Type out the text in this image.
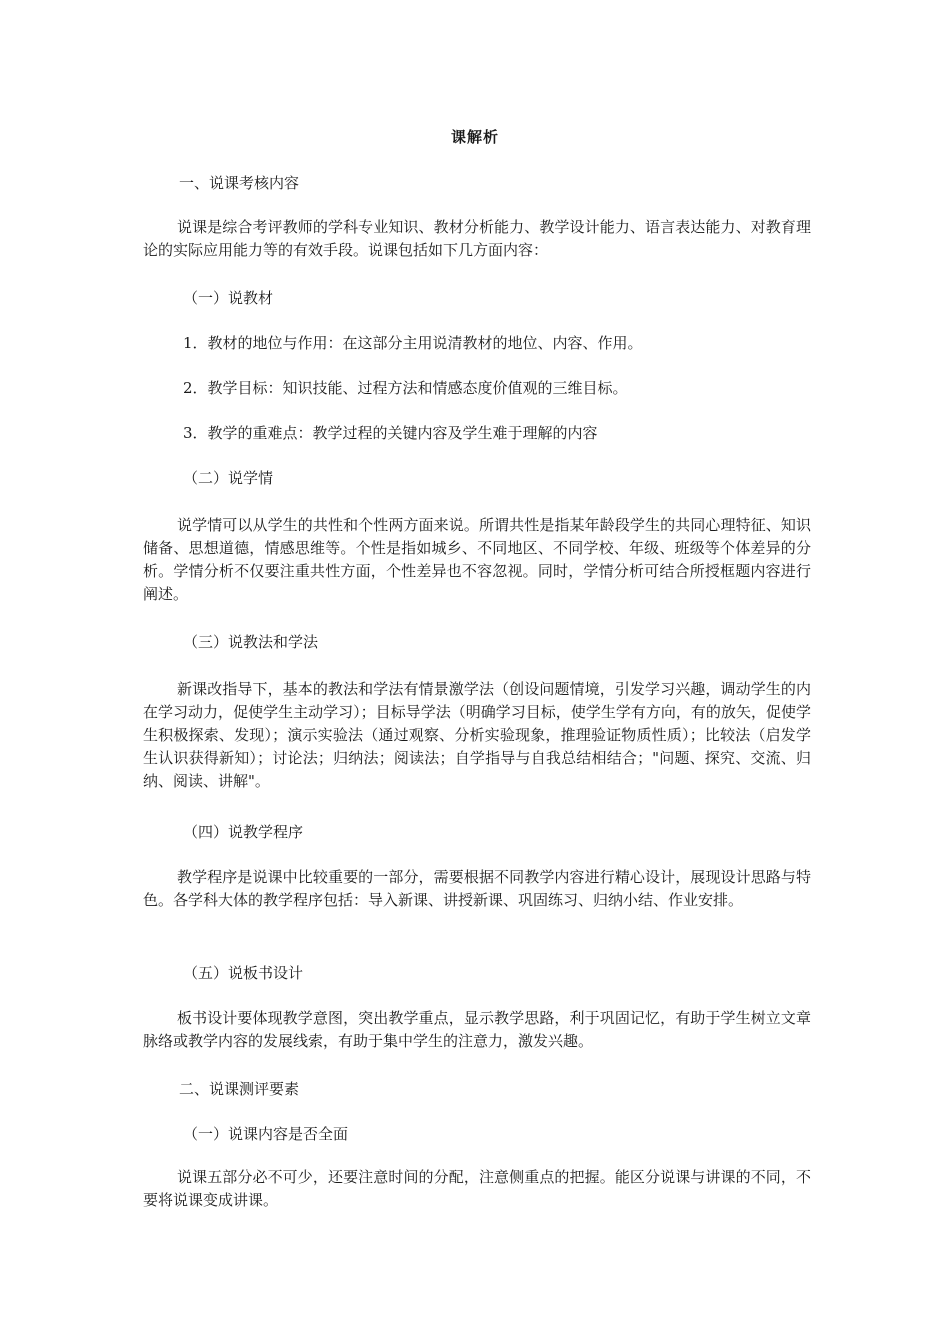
课解析
一、说课考核内容
说课是综合考评教师的学科专业知识、教材分析能力、教学设计能力、语言表达能力、对教育理论的实际应用能力等的有效手段。说课包括如下几方面内容：
（一）说教材
1．教材的地位与作用：在这部分主用说清教材的地位、内容、作用。
2．教学目标：知识技能、过程方法和情感态度价值观的三维目标。
3．教学的重难点：教学过程的关键内容及学生难于理解的内容
（二）说学情
说学情可以从学生的共性和个性两方面来说。所谓共性是指某年龄段学生的共同心理特征、知识储备、思想道德，情感思维等。个性是指如城乡、不同地区、不同学校、年级、班级等个体差异的分析。学情分析不仅要注重共性方面，个性差异也不容忽视。同时，学情分析可结合所授框题内容进行阐述。
（三）说教法和学法
新课改指导下，基本的教法和学法有情景激学法（创设问题情境，引发学习兴趣，调动学生的内在学习动力，促使学生主动学习）；目标导学法（明确学习目标，使学生学有方向，有的放矢，促使学生积极探索、发现）；演示实验法（通过观察、分析实验现象，推理验证物质性质）；比较法（启发学生认识获得新知）；讨论法；归纳法；阅读法；自学指导与自我总结相结合；"问题、探究、交流、归纳、阅读、讲解"。
（四）说教学程序
教学程序是说课中比较重要的一部分，需要根据不同教学内容进行精心设计，展现设计思路与特色。各学科大体的教学程序包括：导入新课、讲授新课、巩固练习、归纳小结、作业安排。
（五）说板书设计
板书设计要体现教学意图，突出教学重点，显示教学思路，利于巩固记忆，有助于学生树立文章脉络或教学内容的发展线索，有助于集中学生的注意力，激发兴趣。
二、说课测评要素
（一）说课内容是否全面
说课五部分必不可少，还要注意时间的分配，注意侧重点的把握。能区分说课与讲课的不同，不要将说课变成讲课。
